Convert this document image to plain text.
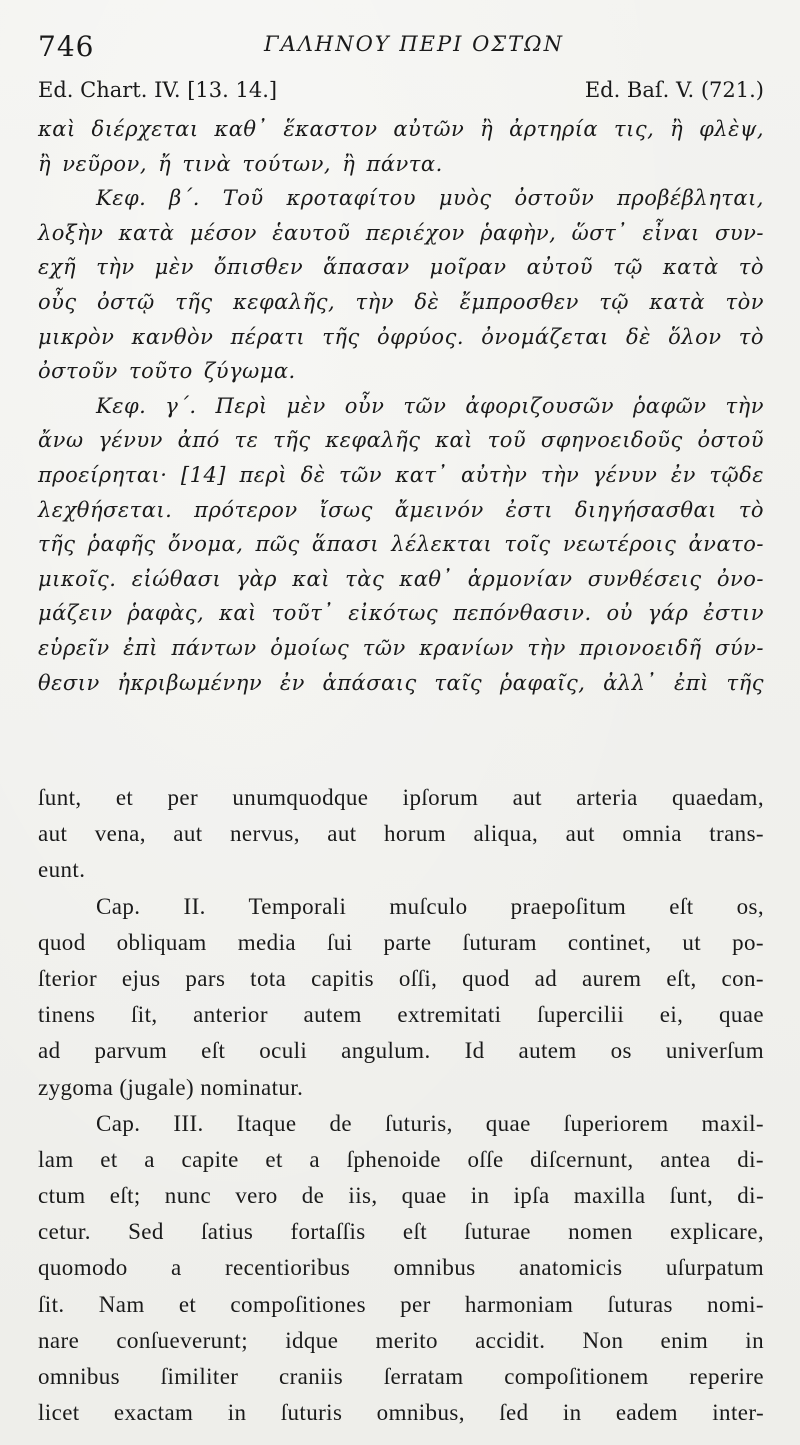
746	ΓΑΛΗΝΟΥ ΠΕΡΙ ΟΣΤΩΝ
Ed. Chart. IV. [13. 14.]	Ed. Baſ. V. (721.)
καὶ διέρχεται καθ᾽ ἕκαστον αὐτῶν ἢ ἀρτηρία τις, ἢ φλὲψ,
ἢ νεῦρον, ἤ τινὰ τούτων, ἢ πάντα.
Κεφ. β΄. Τοῦ κροταφίτου μυὸς ὀστοῦν προβέβληται,
λοξὴν κατὰ μέσον ἑαυτοῦ περιέχον ῥαφὴν, ὥστ᾽ εἶναι συν-
εχῆ τὴν μὲν ὄπισθεν ἅπασαν μοῖραν αὐτοῦ τῷ κατὰ τὸ
οὖς ὀστῷ τῆς κεφαλῆς, τὴν δὲ ἔμπροσθεν τῷ κατὰ τὸν
μικρὸν κανθὸν πέρατι τῆς ὀφρύος. ὀνομάζεται δὲ ὅλον τὸ
ὀστοῦν τοῦτο ζύγωμα.
Κεφ. γ΄. Περὶ μὲν οὖν τῶν ἀφοριζουσῶν ῥαφῶν τὴν
ἄνω γένυν ἀπό τε τῆς κεφαλῆς καὶ τοῦ σφηνοειδοῦς ὀστοῦ
προείρηται· [14] περὶ δὲ τῶν κατ᾽ αὐτὴν τὴν γένυν ἐν τῷδε
λεχθήσεται. πρότερον ἴσως ἄμεινόν ἐστι διηγήσασθαι τὸ
τῆς ῥαφῆς ὄνομα, πῶς ἅπασι λέλεκται τοῖς νεωτέροις ἀνατο-
μικοῖς. εἰώθασι γὰρ καὶ τὰς καθ᾽ ἁρμονίαν συνθέσεις ὀνο-
μάζειν ῥαφὰς, καὶ τοῦτ᾽ εἰκότως πεπόνθασιν. οὐ γάρ ἐστιν
εὑρεῖν ἐπὶ πάντων ὁμοίως τῶν κρανίων τὴν πριονοειδῆ σύν-
θεσιν ἠκριβωμένην ἐν ἁπάσαις ταῖς ῥαφαῖς, ἀλλ᾽ ἐπὶ τῆς
ſunt, et per unumquodque ipſorum aut arteria quaedam,
aut vena, aut nervus, aut horum aliqua, aut omnia trans-
eunt.
Cap. II. Temporali muſculo praepoſitum eſt os,
quod obliquam media ſui parte ſuturam continet, ut po-
ſterior ejus pars tota capitis oſſi, quod ad aurem eſt, con-
tinens ſit, anterior autem extremitati ſupercilii ei, quae
ad parvum eſt oculi angulum. Id autem os univerſum
zygoma (jugale) nominatur.
Cap. III. Itaque de ſuturis, quae ſuperiorem maxil-
lam et a capite et a ſphenoide oſſe diſcernunt, antea di-
ctum eſt; nunc vero de iis, quae in ipſa maxilla ſunt, di-
cetur. Sed ſatius fortaſſis eſt ſuturae nomen explicare,
quomodo a recentioribus omnibus anatomicis uſurpatum
ſit. Nam et compoſitiones per harmoniam ſuturas nomi-
nare conſueverunt; idque merito accidit. Non enim in
omnibus ſimiliter craniis ſerratam compoſitionem reperire
licet exactam in ſuturis omnibus, ſed in eadem inter-
